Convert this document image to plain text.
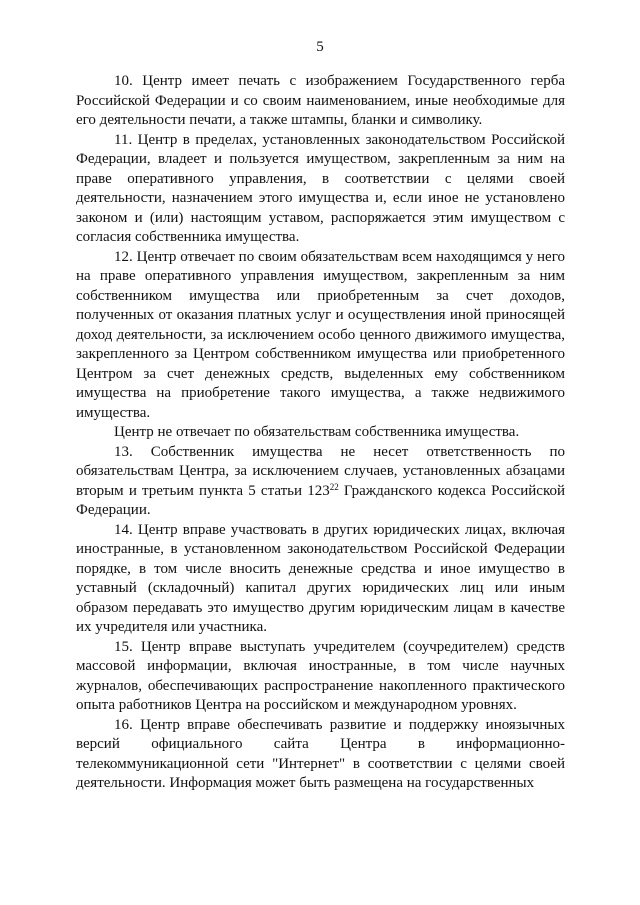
5

10. Центр имеет печать с изображением Государственного герба Российской Федерации и со своим наименованием, иные необходимые для его деятельности печати, а также штампы, бланки и символику.

11. Центр в пределах, установленных законодательством Российской Федерации, владеет и пользуется имуществом, закрепленным за ним на праве оперативного управления, в соответствии с целями своей деятельности, назначением этого имущества и, если иное не установлено законом и (или) настоящим уставом, распоряжается этим имуществом с согласия собственника имущества.

12. Центр отвечает по своим обязательствам всем находящимся у него на праве оперативного управления имуществом, закрепленным за ним собственником имущества или приобретенным за счет доходов, полученных от оказания платных услуг и осуществления иной приносящей доход деятельности, за исключением особо ценного движимого имущества, закрепленного за Центром собственником имущества или приобретенного Центром за счет денежных средств, выделенных ему собственником имущества на приобретение такого имущества, а также недвижимого имущества.

Центр не отвечает по обязательствам собственника имущества.

13. Собственник имущества не несет ответственность по обязательствам Центра, за исключением случаев, установленных абзацами вторым и третьим пункта 5 статьи $123^{22}$ Гражданского кодекса Российской Федерации.

14. Центр вправе участвовать в других юридических лицах, включая иностранные, в установленном законодательством Российской Федерации порядке, в том числе вносить денежные средства и иное имущество в уставный (складочный) капитал других юридических лиц или иным образом передавать это имущество другим юридическим лицам в качестве их учредителя или участника.

15. Центр вправе выступать учредителем (соучредителем) средств массовой информации, включая иностранные, в том числе научных журналов, обеспечивающих распространение накопленного практического опыта работников Центра на российском и международном уровнях.

16. Центр вправе обеспечивать развитие и поддержку иноязычных версий официального сайта Центра в информационно-телекоммуникационной сети "Интернет" в соответствии с целями своей деятельности. Информация может быть размещена на государственных
